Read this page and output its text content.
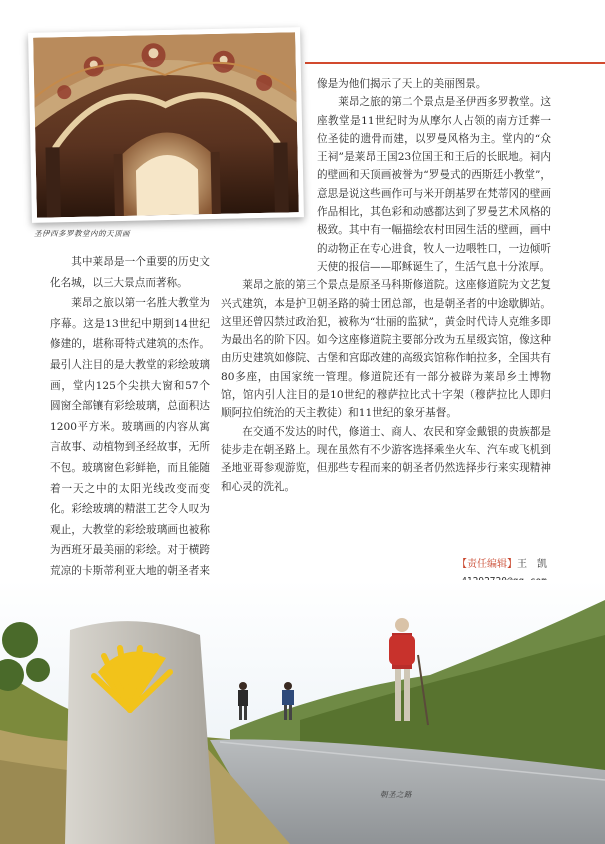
圣伊西多罗教堂内的天顶画

其中莱昂是一个重要的历史文化名城，以三大景点而著称。

莱昂之旅以第一名胜大教堂为序幕。这是13世纪中期到14世纪修建的，堪称哥特式建筑的杰作。最引人注目的是大教堂的彩绘玻璃画，堂内125个尖拱大窗和57个圆窗全部镶有彩绘玻璃，总面积达1200平方米。玻璃画的内容从寓言故事、动植物到圣经故事，无所不包。玻璃窗色彩鲜艳，而且能随着一天之中的太阳光线改变而变化。彩绘玻璃的精湛工艺令人叹为观止，大教堂的彩绘玻璃画也被称为西班牙最美丽的彩绘。对于横跨荒凉的卡斯蒂利亚大地的朝圣者来

像是为他们揭示了天上的美丽图景。

莱昂之旅的第二个景点是圣伊西多罗教堂。这座教堂是11世纪时为从摩尔人占领的南方迁葬一位圣徒的遗骨而建，以罗曼风格为主。堂内的“众王祠”是莱昂王国23位国王和王后的长眠地。祠内的壁画和天顶画被誉为“罗曼式的西斯廷小教堂”，意思是说这些画作可与米开朗基罗在梵蒂冈的壁画作品相比，其色彩和动感都达到了罗曼艺术风格的极致。其中有一幅描绘农村田园生活的壁画，画中的动物正在专心进食，牧人一边喂牲口，一边倾听天使的报信——耶稣诞生了，生活气息十分浓厚。

莱昂之旅的第三个景点是原圣马科斯修道院。这座修道院为文艺复兴式建筑，本是护卫朝圣路的骑士团总部，也是朝圣者的中途歇脚站。这里还曾囚禁过政治犯，被称为“壮丽的监狱”，黄金时代诗人克维多即为最出名的阶下囚。如今这座修道院主要部分改为五星级宾馆，像这种由历史建筑如修院、古堡和宫邸改建的高级宾馆称作帕拉多，全国共有80多座，由国家统一管理。修道院还有一部分被辟为莱昂乡土博物馆，馆内引人注目的是10世纪的穆萨拉比式十字架（穆萨拉比人即归顺阿拉伯统治的天主教徒）和11世纪的象牙基督。

在交通不发达的时代，修道士、商人、农民和穿金戴银的贵族都是徒步走在朝圣路上。现在虽然有不少游客选择乘坐火车、汽车或飞机到圣地亚哥参观游览，但那些专程而来的朝圣者仍然选择步行来实现精神和心灵的洗礼。

【责任编辑】王　凯
朝圣之路
